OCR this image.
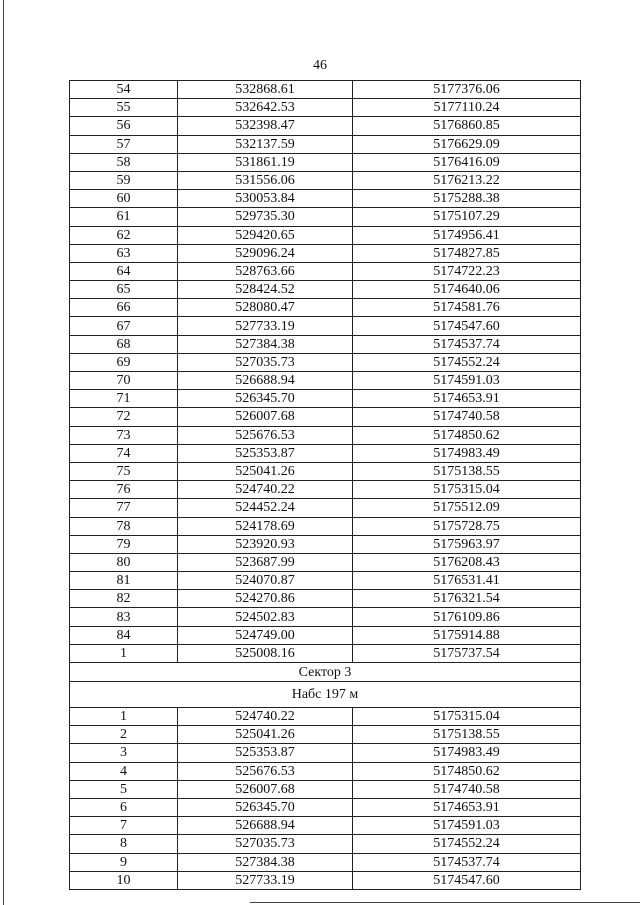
46
54	532868.61	5177376.06
55	532642.53	5177110.24
56	532398.47	5176860.85
57	532137.59	5176629.09
58	531861.19	5176416.09
59	531556.06	5176213.22
60	530053.84	5175288.38
61	529735.30	5175107.29
62	529420.65	5174956.41
63	529096.24	5174827.85
64	528763.66	5174722.23
65	528424.52	5174640.06
66	528080.47	5174581.76
67	527733.19	5174547.60
68	527384.38	5174537.74
69	527035.73	5174552.24
70	526688.94	5174591.03
71	526345.70	5174653.91
72	526007.68	5174740.58
73	525676.53	5174850.62
74	525353.87	5174983.49
75	525041.26	5175138.55
76	524740.22	5175315.04
77	524452.24	5175512.09
78	524178.69	5175728.75
79	523920.93	5175963.97
80	523687.99	5176208.43
81	524070.87	5176531.41
82	524270.86	5176321.54
83	524502.83	5176109.86
84	524749.00	5175914.88
1	525008.16	5175737.54
Сектор 3		
Набс 197 м		
1	524740.22	5175315.04
2	525041.26	5175138.55
3	525353.87	5174983.49
4	525676.53	5174850.62
5	526007.68	5174740.58
6	526345.70	5174653.91
7	526688.94	5174591.03
8	527035.73	5174552.24
9	527384.38	5174537.74
10	527733.19	5174547.60
